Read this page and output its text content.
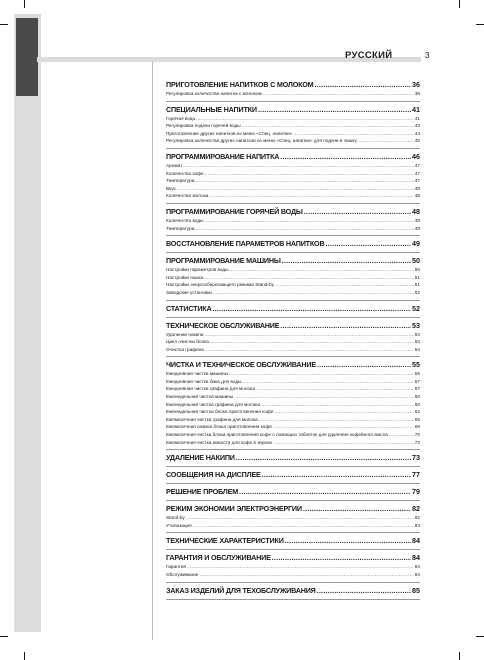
РУССКИЙ	3
ПРИГОТОВЛЕНИЕ НАПИТКОВ С МОЛОКОМ .....	36
Регулировка количества напитка с молоком .....	39
СПЕЦИАЛЬНЫЕ НАПИТКИ .....	41
Горячая вода .....	41
Регулировка подачи горячей воды .....	43
Приготовление других напитков из меню «Спец. напитки» .....	44
Регулировка количества других напитков из меню «Спец. напитки» для подачи в чашку .....	45
ПРОГРАММИРОВАНИЕ НАПИТКА .....	46
Аромат .....	47
Количество кофе .....	47
Температура .....	47
Вкус .....	48
Количество молока .....	48
ПРОГРАММИРОВАНИЕ ГОРЯЧЕЙ ВОДЫ .....	48
Количество воды .....	48
Температура .....	49
ВОССТАНОВЛЕНИЕ ПАРАМЕТРОВ НАПИТКОВ .....	49
ПРОГРАММИРОВАНИЕ МАШИНЫ .....	50
Настройки параметров воды .....	50
Настройки языка .....	51
Настройки энергосберегающего режима Stand-by .....	51
Заводские установки .....	52
СТАТИСТИКА .....	52
ТЕХНИЧЕСКОЕ ОБСЛУЖИВАНИЕ .....	53
Удаление накипи .....	53
Цикл очистки блока .....	53
Очистка графина .....	54
ЧИСТКА И ТЕХНИЧЕСКОЕ ОБСЛУЖИВАНИЕ .....	55
Ежедневная чистка машины .....	55
Ежедневная чистка бака для воды .....	57
Ежедневная чистка графина для молока .....	57
Еженедельная чистка машины .....	60
Еженедельная чистка графина для молока .....	60
Еженедельная чистка блока приготовления кофе .....	62
Ежемесячная чистка графина для молока .....	65
Ежемесячная смазка блока приготовления кофе .....	69
Ежемесячная чистка блока приготовления кофе с помощью таблеток для удаления кофейного масла .....	70
Ежемесячная чистка емкости для кофе в зернах .....	72
УДАЛЕНИЕ НАКИПИ .....	73
СООБЩЕНИЯ НА ДИСПЛЕЕ .....	77
РЕШЕНИЕ ПРОБЛЕМ .....	79
РЕЖИМ ЭКОНОМИИ ЭЛЕКТРОЭНЕРГИИ .....	82
Stand-by .....	82
Утилизация .....	83
ТЕХНИЧЕСКИЕ ХАРАКТЕРИСТИКИ .....	84
ГАРАНТИЯ И ОБСЛУЖИВАНИЕ .....	84
Гарантия .....	84
Обслуживание .....	84
ЗАКАЗ ИЗДЕЛИЙ ДЛЯ ТЕХОБСЛУЖИВАНИЯ .....	85
